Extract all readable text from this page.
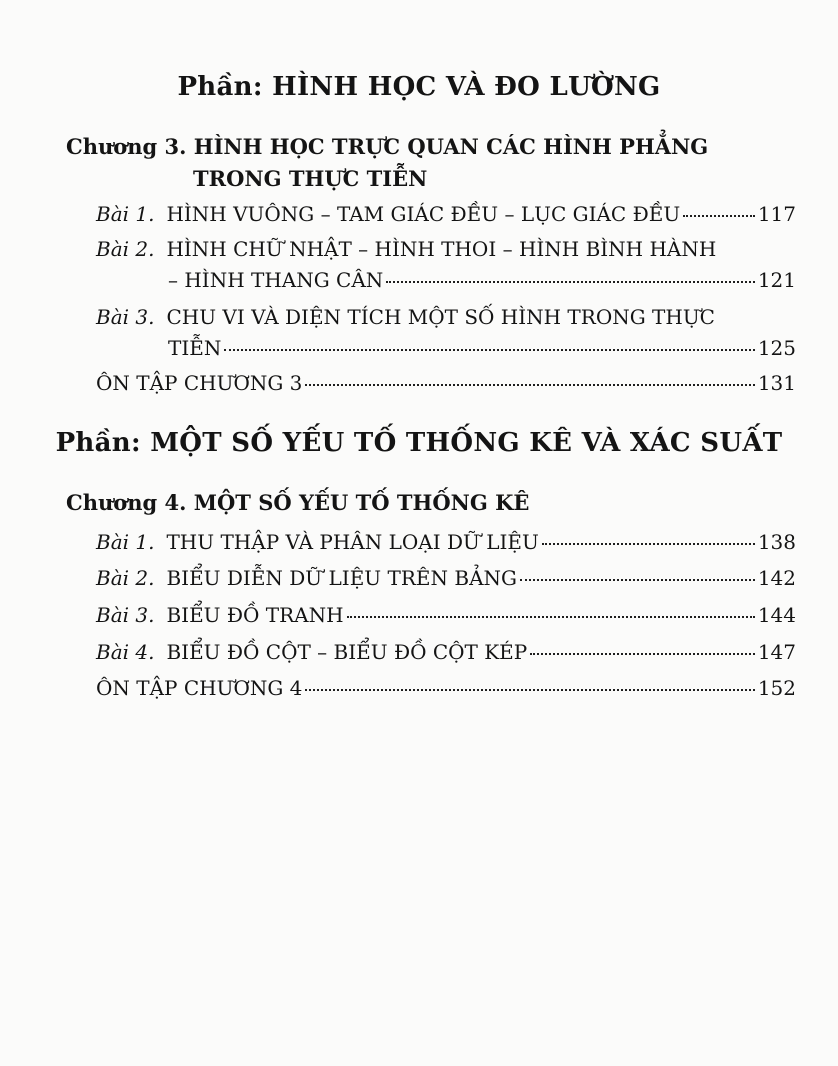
Phần: HÌNH HỌC VÀ ĐO LƯỜNG
Chương 3. HÌNH HỌC TRỰC QUAN CÁC HÌNH PHẲNG
TRONG THỰC TIỄN
Bài 1. HÌNH VUÔNG – TAM GIÁC ĐỀU – LỤC GIÁC ĐỀU	117
Bài 2. HÌNH CHỮ NHẬT – HÌNH THOI – HÌNH BÌNH HÀNH
– HÌNH THANG CÂN	121
Bài 3. CHU VI VÀ DIỆN TÍCH MỘT SỐ HÌNH TRONG THỰC
TIỄN	125
ÔN TẬP CHƯƠNG 3	131
Phần: MỘT SỐ YẾU TỐ THỐNG KÊ VÀ XÁC SUẤT
Chương 4. MỘT SỐ YẾU TỐ THỐNG KÊ
Bài 1. THU THẬP VÀ PHÂN LOẠI DỮ LIỆU	138
Bài 2. BIỂU DIỄN DỮ LIỆU TRÊN BẢNG	142
Bài 3. BIỂU ĐỒ TRANH	144
Bài 4. BIỂU ĐỒ CỘT – BIỂU ĐỒ CỘT KÉP	147
ÔN TẬP CHƯƠNG 4	152
